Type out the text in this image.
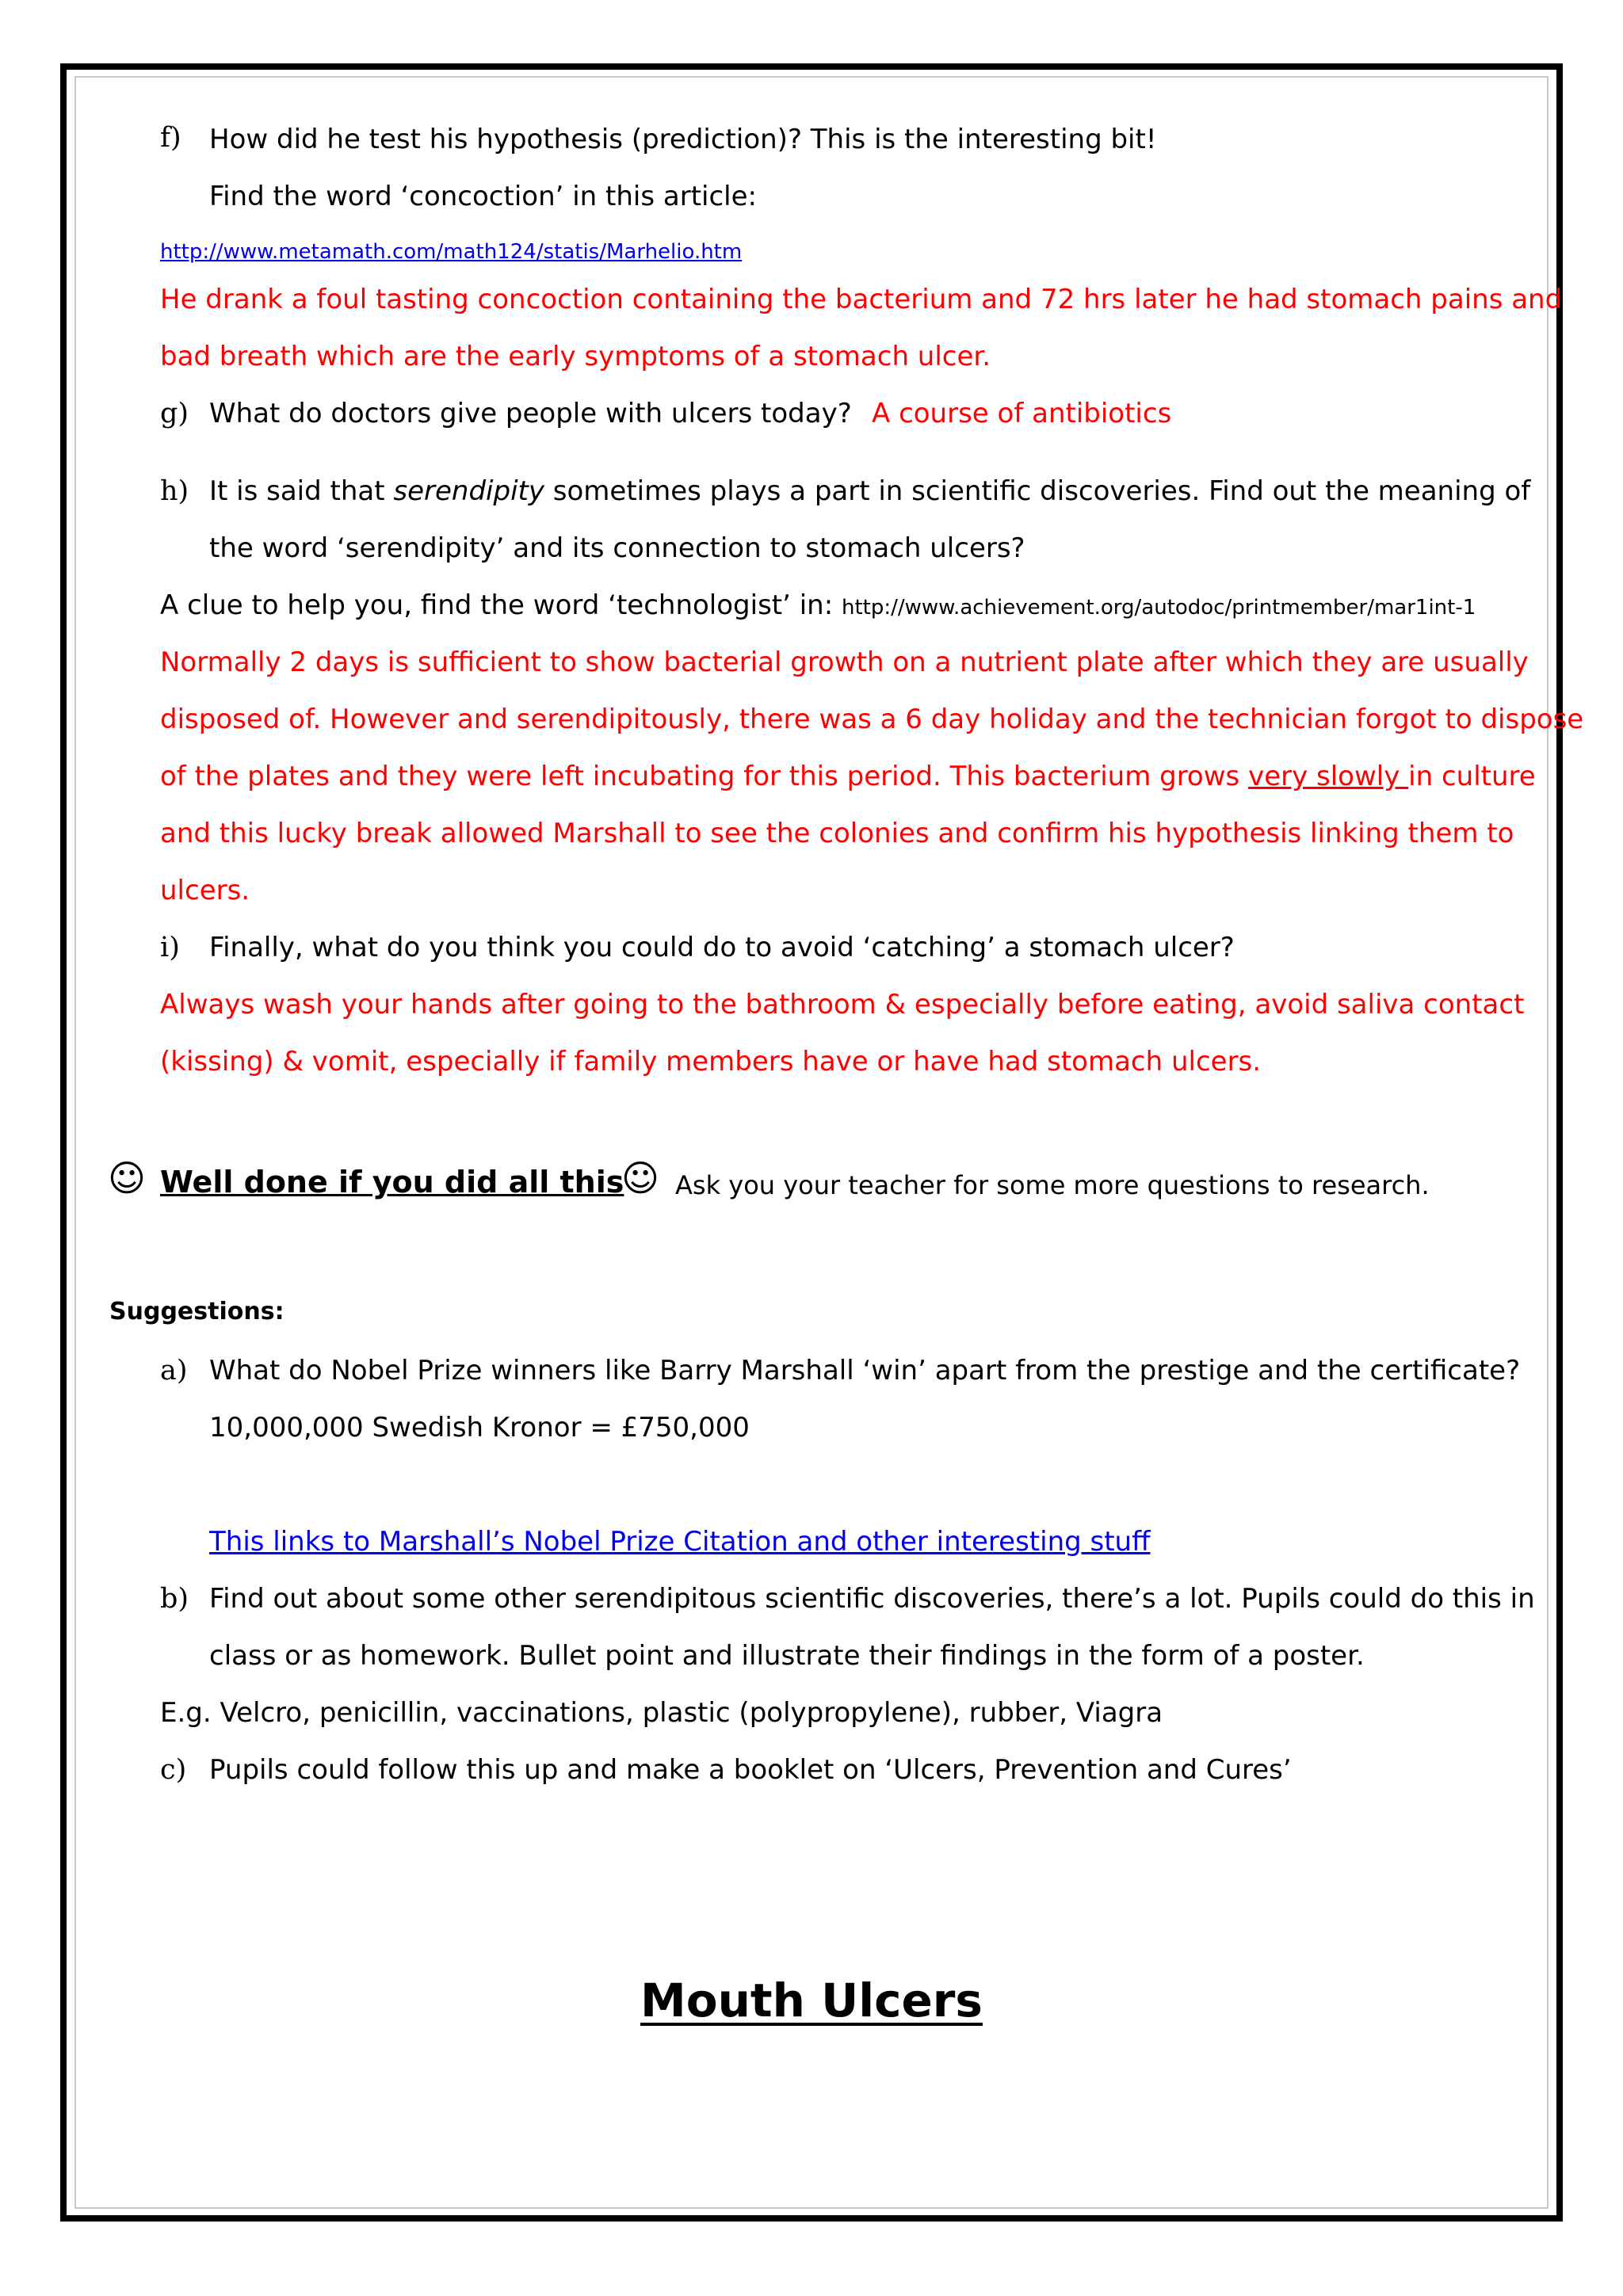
f) How did he test his hypothesis (prediction)? This is the interesting bit!
Find the word ‘concoction’ in this article:
http://www.metamath.com/math124/statis/Marhelio.htm
He drank a foul tasting concoction containing the bacterium and 72 hrs later he had stomach pains and
bad breath which are the early symptoms of a stomach ulcer.
g) What do doctors give people with ulcers today? A course of antibiotics
h) It is said that serendipity sometimes plays a part in scientific discoveries. Find out the meaning of
the word ‘serendipity’ and its connection to stomach ulcers?
A clue to help you, find the word ‘technologist’ in: http://www.achievement.org/autodoc/printmember/mar1int-1
Normally 2 days is sufficient to show bacterial growth on a nutrient plate after which they are usually
disposed of. However and serendipitously, there was a 6 day holiday and the technician forgot to dispose
of the plates and they were left incubating for this period. This bacterium grows very slowly in culture
and this lucky break allowed Marshall to see the colonies and confirm his hypothesis linking them to
ulcers.
i) Finally, what do you think you could do to avoid ‘catching’ a stomach ulcer?
Always wash your hands after going to the bathroom & especially before eating, avoid saliva contact
(kissing) & vomit, especially if family members have or have had stomach ulcers.
☺ Well done if you did all this
☺ Ask you your teacher for some more questions to research.
Suggestions:
a) What do Nobel Prize winners like Barry Marshall ‘win’ apart from the prestige and the certificate?
10,000,000 Swedish Kronor = £750,000
This links to Marshall’s Nobel Prize Citation and other interesting stuff
b) Find out about some other serendipitous scientific discoveries, there’s a lot. Pupils could do this in
class or as homework. Bullet point and illustrate their findings in the form of a poster.
E.g. Velcro, penicillin, vaccinations, plastic (polypropylene), rubber, Viagra
c) Pupils could follow this up and make a booklet on ‘Ulcers, Prevention and Cures’
Mouth Ulcers
